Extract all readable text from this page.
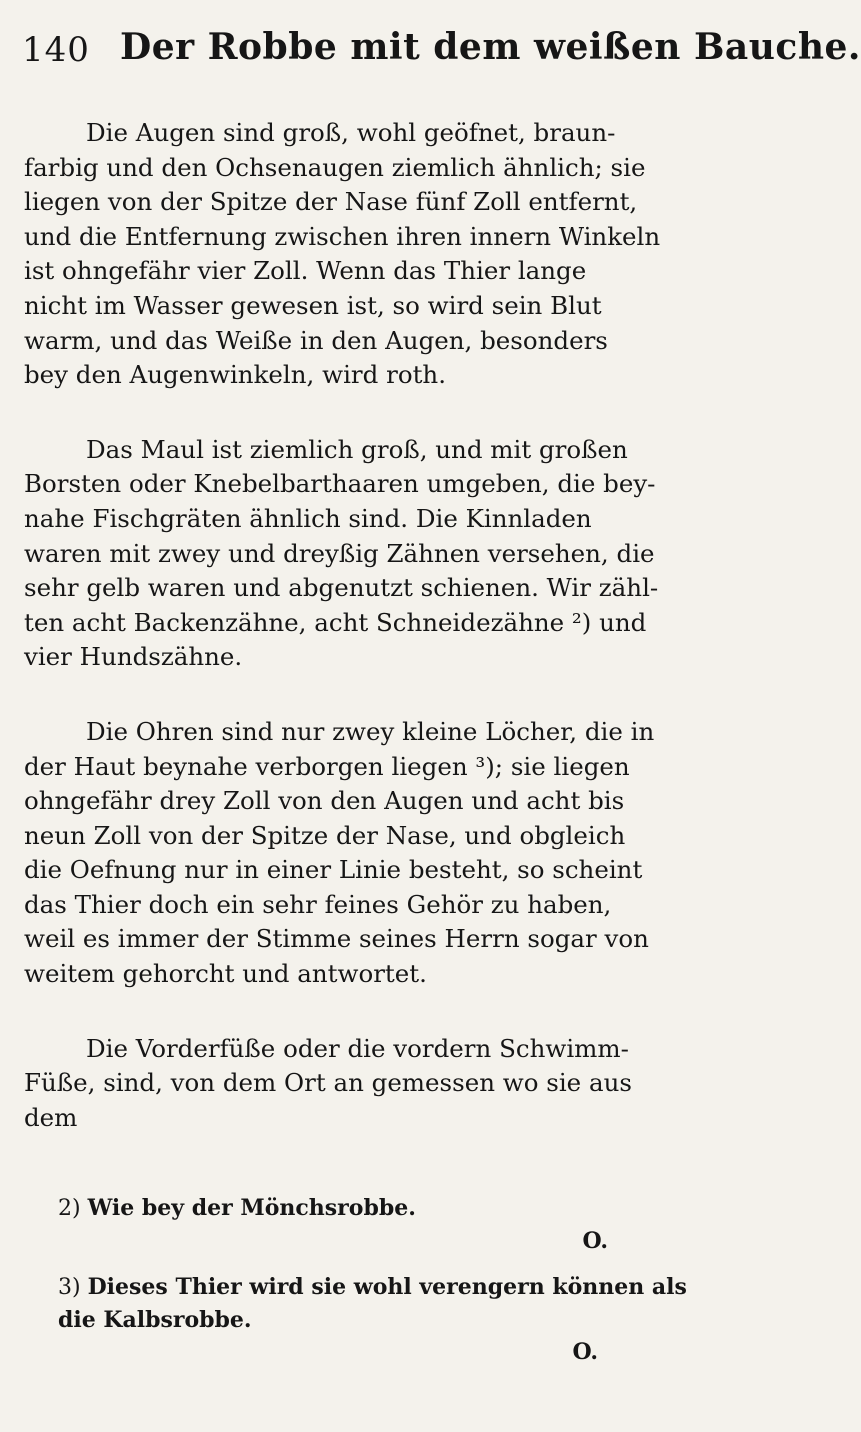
140 Der Robbe mit dem weißen Bauche.

Die Augen sind groß, wohl geöfnet, braun-
farbig und den Ochsenaugen ziemlich ähnlich; sie
liegen von der Spitze der Nase fünf Zoll entfernt,
und die Entfernung zwischen ihren innern Winkeln
ist ohngefähr vier Zoll. Wenn das Thier lange
nicht im Wasser gewesen ist, so wird sein Blut
warm, und das Weiße in den Augen, besonders
bey den Augenwinkeln, wird roth.

Das Maul ist ziemlich groß, und mit großen
Borsten oder Knebelbarthaaren umgeben, die bey-
nahe Fischgräten ähnlich sind. Die Kinnladen
waren mit zwey und dreyßig Zähnen versehen, die
sehr gelb waren und abgenutzt schienen. Wir zähl-
ten acht Backenzähne, acht Schneidezähne ²) und
vier Hundszähne.

Die Ohren sind nur zwey kleine Löcher, die in
der Haut beynahe verborgen liegen ³); sie liegen
ohngefähr drey Zoll von den Augen und acht bis
neun Zoll von der Spitze der Nase, und obgleich
die Oefnung nur in einer Linie besteht, so scheint
das Thier doch ein sehr feines Gehör zu haben,
weil es immer der Stimme seines Herrn sogar von
weitem gehorcht und antwortet.

Die Vorderfüße oder die vordern Schwimm-
Füße, sind, von dem Ort an gemessen wo sie aus
dem

2) Wie bey der Mönchsrobbe.
O.
3) Dieses Thier wird sie wohl verengern können als
die Kalbsrobbe.
O.
